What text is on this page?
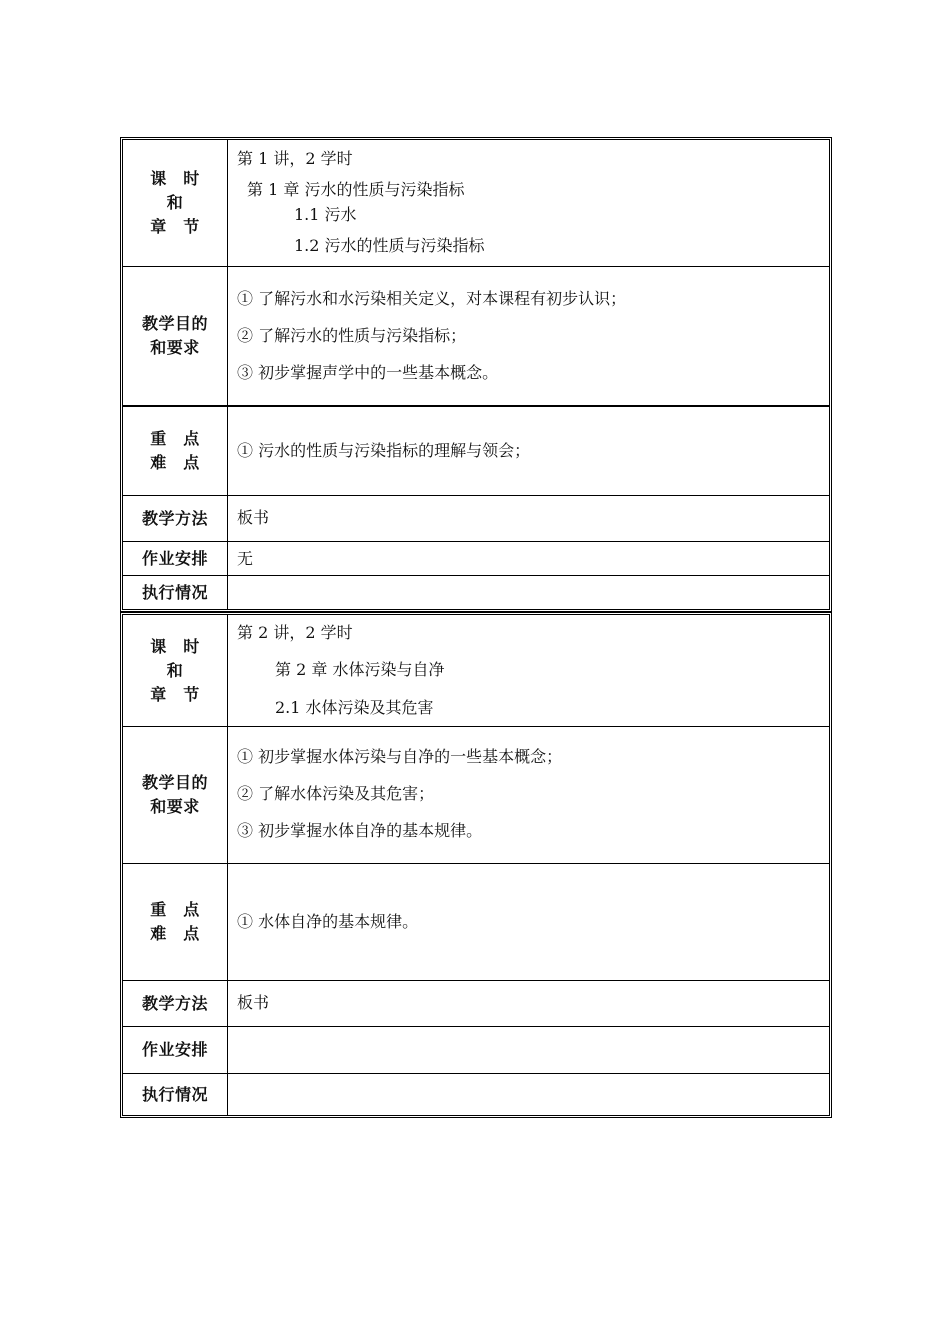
课　时
和
章　节
第 1 讲，2 学时
第 1 章 污水的性质与污染指标
1.1 污水
1.2 污水的性质与污染指标
教学目的
和要求
① 了解污水和水污染相关定义，对本课程有初步认识；
② 了解污水的性质与污染指标；
③ 初步掌握声学中的一些基本概念。
重　点
难　点
① 污水的性质与污染指标的理解与领会；
教学方法 板书
作业安排 无
执行情况
课　时
和
章　节
第 2 讲，2 学时
第 2 章 水体污染与自净
2.1 水体污染及其危害
教学目的
和要求
① 初步掌握水体污染与自净的一些基本概念；
② 了解水体污染及其危害；
③ 初步掌握水体自净的基本规律。
重　点
难　点
① 水体自净的基本规律。
教学方法 板书
作业安排
执行情况
